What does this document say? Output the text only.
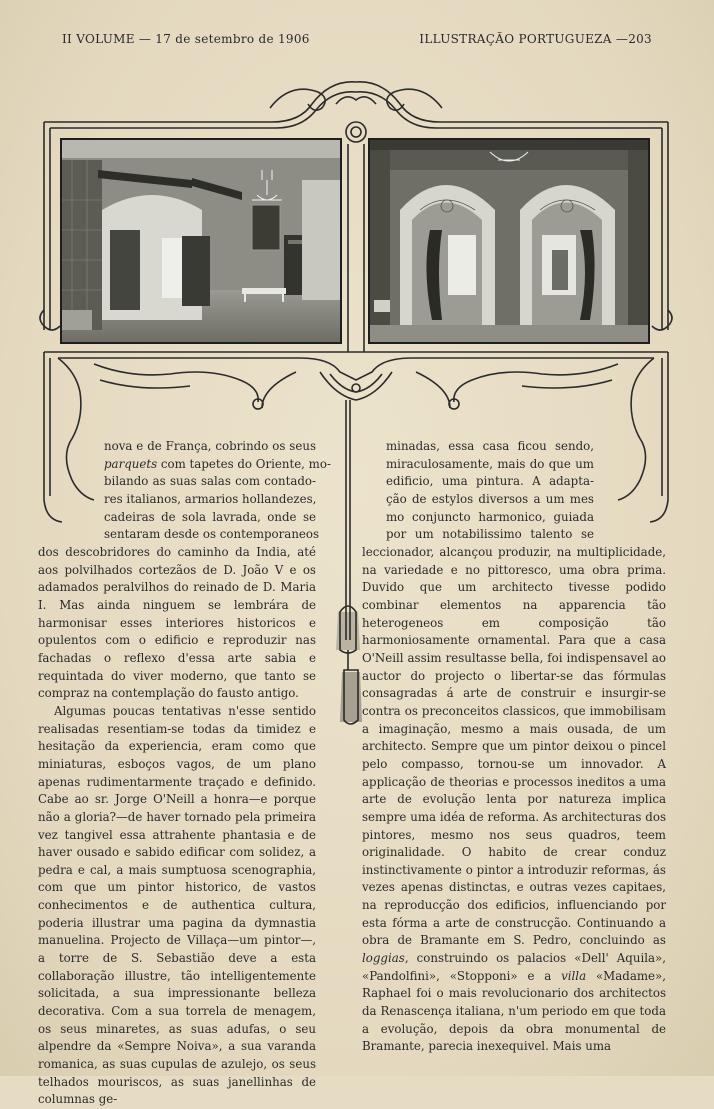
II VOLUME — 17 de setembro de 1906	ILLUSTRAÇÃO PORTUGUEZA —203
nova e de França, cobrindo os seus
parquets com tapetes do Oriente, mo-
bilando as suas salas com contado-
res italianos, armarios hollandezes,
cadeiras de sola lavrada, onde se
sentaram desde os contemporaneos

dos descobridores do caminho da India, até aos polvilhados cortezãos de D. João V e os adamados peralvilhos do reinado de D. Maria I. Mas ainda ninguem se lembrára de harmonisar esses interiores historicos e opulentos com o edificio e reproduzir nas fachadas o reflexo d'essa arte sabia e requintada do viver moderno, que tanto se compraz na contemplação do fausto antigo.

Algumas poucas tentativas n'esse sentido realisadas resentiam-se todas da timidez e hesitação da experiencia, eram como que miniaturas, esboços vagos, de um plano apenas rudimentarmente traçado e definido. Cabe ao sr. Jorge O'Neill a honra—e porque não a gloria?—de haver tornado pela primeira vez tangivel essa attrahente phantasia e de haver ousado e sabido edificar com solidez, a pedra e cal, a mais sumptuosa scenographia, com que um pintor historico, de vastos conhecimentos e de authentica cultura, poderia illustrar uma pagina da dymnastia manuelina. Projecto de Villaça—um pintor—, a torre de S. Sebastião deve a esta collaboração illustre, tão intelligentemente solicitada, a sua impressionante belleza decorativa. Com a sua torrela de menagem, os seus minaretes, as suas adufas, o seu alpendre da «Sempre Noiva», a sua varanda romanica, as suas cupulas de azulejo, os seus telhados mouriscos, as suas janellinhas de columnas ge-

minadas, essa casa ficou sendo,
miraculosamente, mais do que um
edificio, uma pintura. A adapta-
ção de estylos diversos a um mes
mo conjuncto harmonico, guiada
por um notabilissimo talento se

leccionador, alcançou produzir, na multiplicidade, na variedade e no pittoresco, uma obra prima. Duvido que um architecto tivesse podido combinar elementos na apparencia tão heterogeneos em composição tão harmoniosamente ornamental. Para que a casa O'Neill assim resultasse bella, foi indispensavel ao auctor do projecto o libertar-se das fórmulas consagradas á arte de construir e insurgir-se contra os preconceitos classicos, que immobilisam a imaginação, mesmo a mais ousada, de um architecto. Sempre que um pintor deixou o pincel pelo compasso, tornou-se um innovador. A applicação de theorias e processos ineditos a uma arte de evolução lenta por natureza implica sempre uma idéa de reforma. As architecturas dos pintores, mesmo nos seus quadros, teem originalidade. O habito de crear conduz instinctivamente o pintor a introduzir reformas, ás vezes apenas distinctas, e outras vezes capitaes, na reproducção dos edificios, influenciando por esta fórma a arte de construcção. Continuando a obra de Bramante em S. Pedro, concluindo as loggias, construindo os palacios «Dell' Aquila», «Pandolfini», «Stopponi» e a villa «Madame», Raphael foi o mais revolucionario dos architectos da Renascença italiana, n'um periodo em que toda a evolução, depois da obra monumental de Bramante, parecia inexequivel. Mais uma
